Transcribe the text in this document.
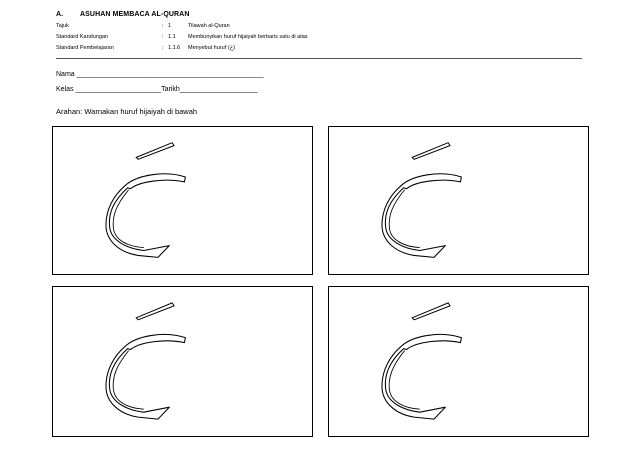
A. ASUHAN MEMBACA AL-QURAN
Tajuk	: 1	Tilawah al-Quran
Standard Kandungan	: 1.1 Membunyikan huruf hijaiyah berbaris satu di atas
Standard Pembelajaran	: 1.1.6 Menyebut huruf (خَ)
Nama ________________________________________________
Kelas ______________________Tarikh____________________
Arahan: Warnakan huruf hijaiyah di bawah
